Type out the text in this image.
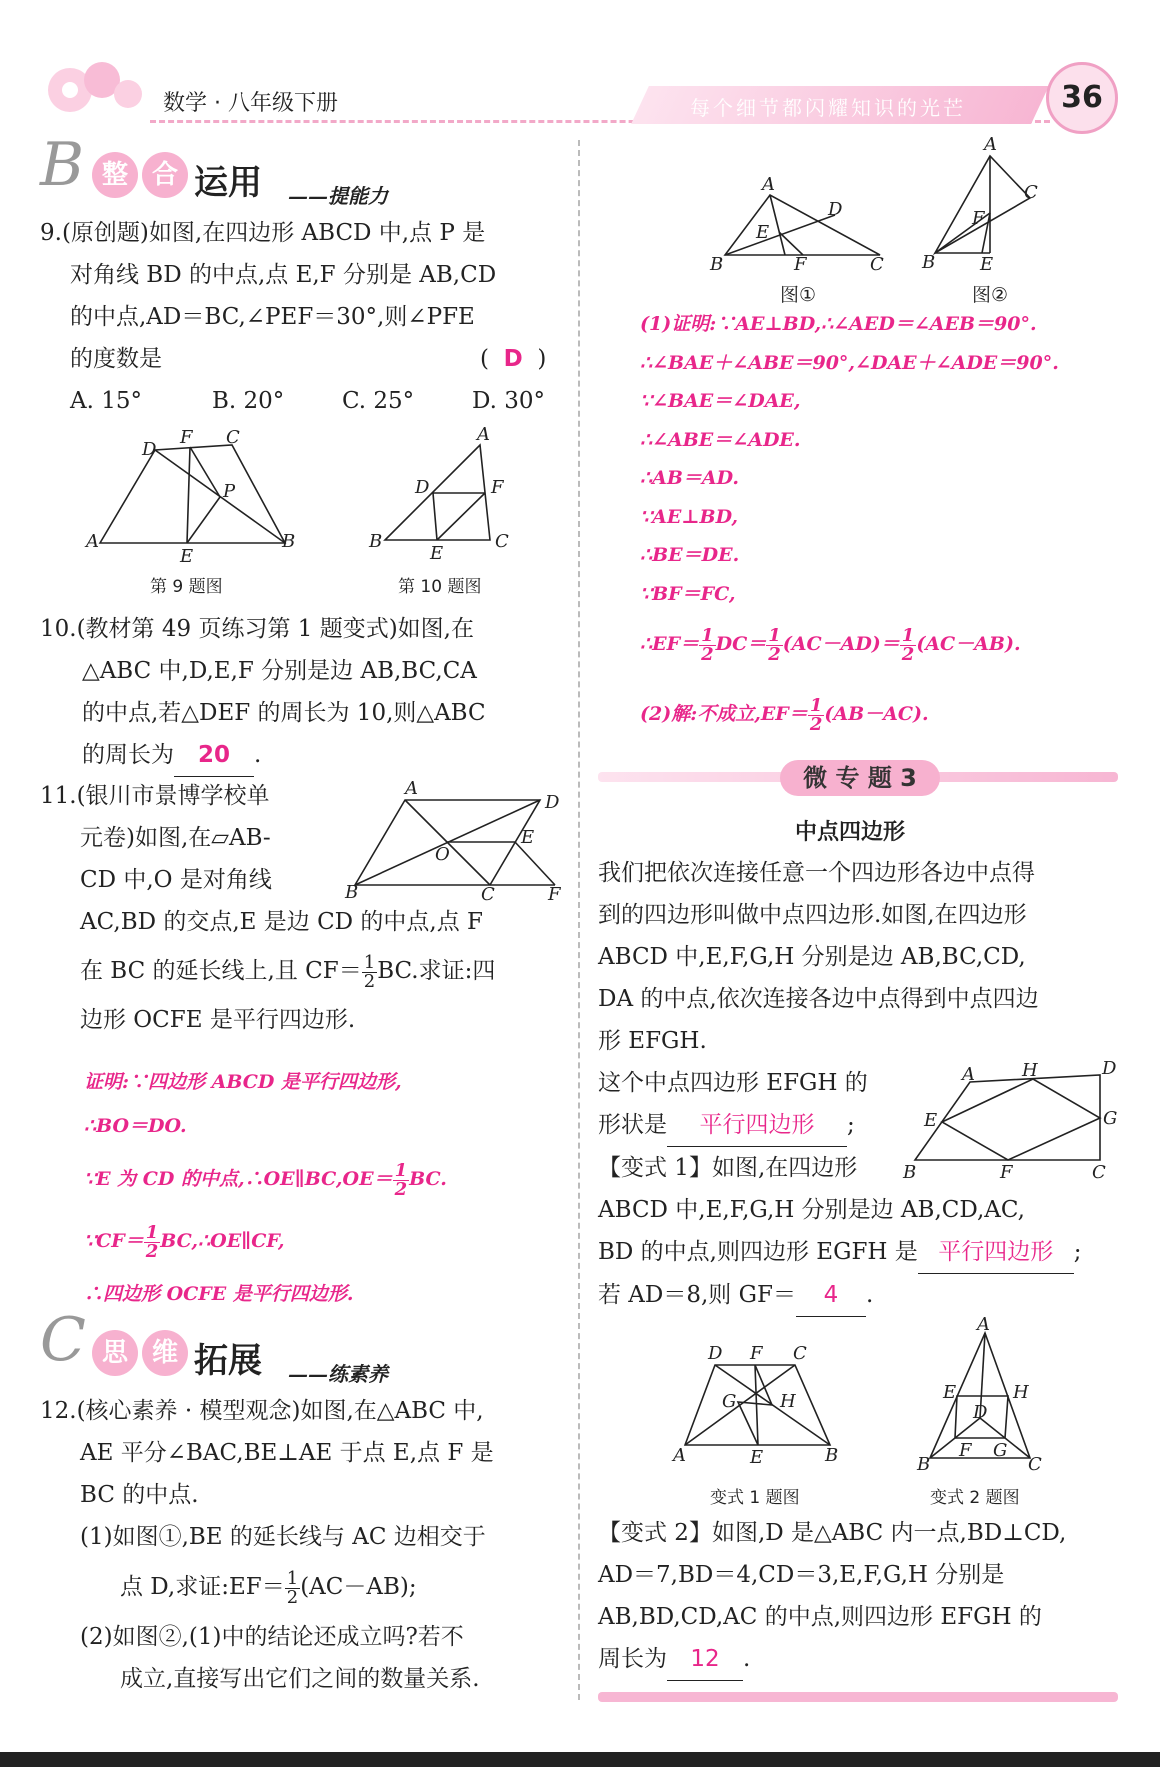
数学 · 八年级下册	每个细节都闪耀知识的光芒	36
B 整 合 运用 ——提能力
9.(原创题)如图,在四边形 ABCD 中,点 P 是
对角线 BD 的中点,点 E,F 分别是 AB,CD
的中点,AD＝BC,∠PEF＝30°,则∠PFE
的度数是	( D )
A. 15°	B. 20°	C. 25°	D. 30°
A
D
F C
P
E
B
第 9 题图
A
D	F
B
E
C
第 10 题图
10.(教材第 49 页练习第 1 题变式)如图,在
△ABC 中,D,E,F 分别是边 AB,BC,CA
的中点,若△DEF 的周长为 10,则△ABC
的周长为 20 .
11.(银川市景博学校单
元卷)如图,在▱AB-
CD 中,O 是对角线
AC,BD 的交点,E 是边 CD 的中点,点 F
在 BC 的延长线上,且 $CF= \frac{1}{2}$ BC.求证:四
边形 OCFE 是平行四边形.
A
D
E
O
B	C	F
证明:∵四边形 ABCD 是平行四边形,
∴BO＝DO.
∵E 为 CD 的中点,∴OE∥BC,OE＝ $\frac{1}{2}$ BC.
∵CF＝ $\frac{1}{2}$ BC,∴OE∥CF,
∴四边形 OCFE 是平行四边形.
C 思 维 拓展 ——练素养
12.(核心素养 · 模型观念)如图,在△ABC 中,
AE 平分∠BAC,BE⊥AE 于点 E,点 F 是
BC 的中点.
(1)如图①,BE 的延长线与 AC 边相交于
点 D,求证:EF＝ $\frac{1}{2} (AC-AB)$;
(2)如图②,(1)中的结论还成立吗?若不
成立,直接写出它们之间的数量关系.
A
D
E
B	F	C
图①
A
C
F
B E
图②
(1)证明:∵AE⊥BD,∴∠AED＝∠AEB＝90°.
∴∠BAE＋∠ABE＝90°,∠DAE＋∠ADE＝90°.
∵∠BAE＝∠DAE,
∴∠ABE＝∠ADE.
∴AB＝AD.
∵AE⊥BD,
∴BE＝DE.
∵BF＝FC,
∴EF＝ $\frac{1}{2} DC= \frac{1}{2} (AC-AD)= \frac{1}{2} (AC-AB)$.
(2)解:不成立$,EF= \frac{1}{2} (AB-AC)$.
微 专 题 3
中点四边形
我们把依次连接任意一个四边形各边中点得
到的四边形叫做中点四边形.如图,在四边形
ABCD 中,E,F,G,H 分别是边 AB,BC,CD,
DA 的中点,依次连接各边中点得到中点四边
形 EFGH.
这个中点四边形 EFGH 的
形状是 平行四边形 ;
【变式 1】如图,在四边形
ABCD 中,E,F,G,H 分别是边 AB,CD,AC,
BD 的中点,则四边形 EGFH 是 平行四边形 ;
若 AD＝8,则 GF＝ 4 .
A	H	D
E	G
B	F	C
D F C
G H
A	E	B
变式 1 题图
A
E	H
D
F G
B	C
变式 2 题图
【变式 2】如图,D 是△ABC 内一点,BD⊥CD,
AD＝7,BD＝4,CD＝3,E,F,G,H 分别是
AB,BD,CD,AC 的中点,则四边形 EFGH 的
周长为 12 .
